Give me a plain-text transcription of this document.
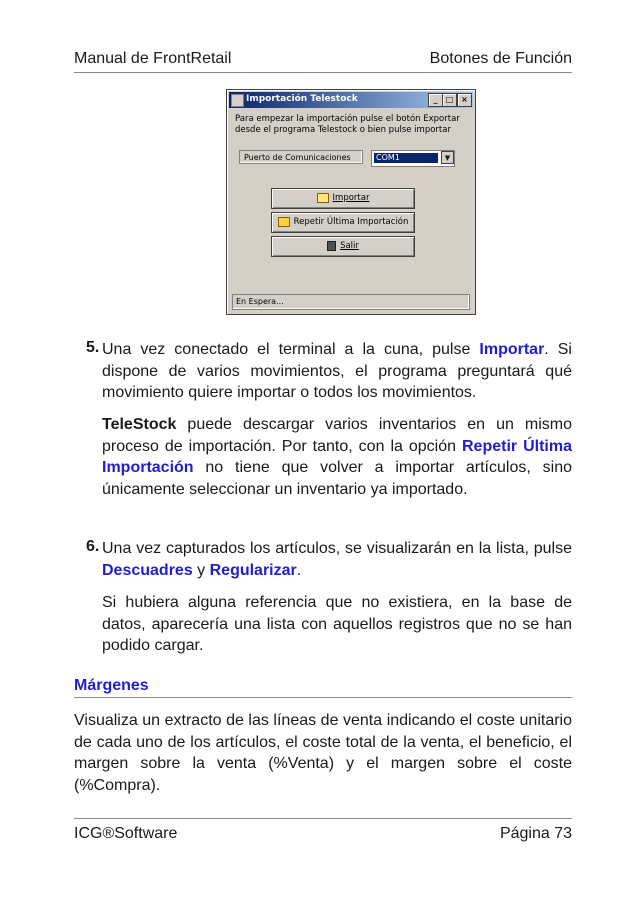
Manual de FrontRetail	Botones de Función
Importación Telestock	_	□ ×
Para empezar la importación pulse el botón Exportar
desde el programa Telestock o bien pulse importar
Puerto de Comunicaciones	COM1	▼
Importar
Repetir Última Importación
Salir
En Espera...
5. Una vez conectado el terminal a la cuna, pulse Importar. Si dispone de varios movimientos, el programa preguntará qué movimiento quiere importar o todos los movimientos.
TeleStock puede descargar varios inventarios en un mismo proceso de importación. Por tanto, con la opción Repetir Última Importación no tiene que volver a importar artículos, sino únicamente seleccionar un inventario ya importado.
6. Una vez capturados los artículos, se visualizarán en la lista, pulse Descuadres y Regularizar.
Si hubiera alguna referencia que no existiera, en la base de datos, aparecería una lista con aquellos registros que no se han podido cargar.
Márgenes
Visualiza un extracto de las líneas de venta indicando el coste unitario de cada uno de los artículos, el coste total de la venta, el beneficio, el margen sobre la venta (%Venta) y el margen sobre el coste (%Compra).
ICG®Software	Página 73
